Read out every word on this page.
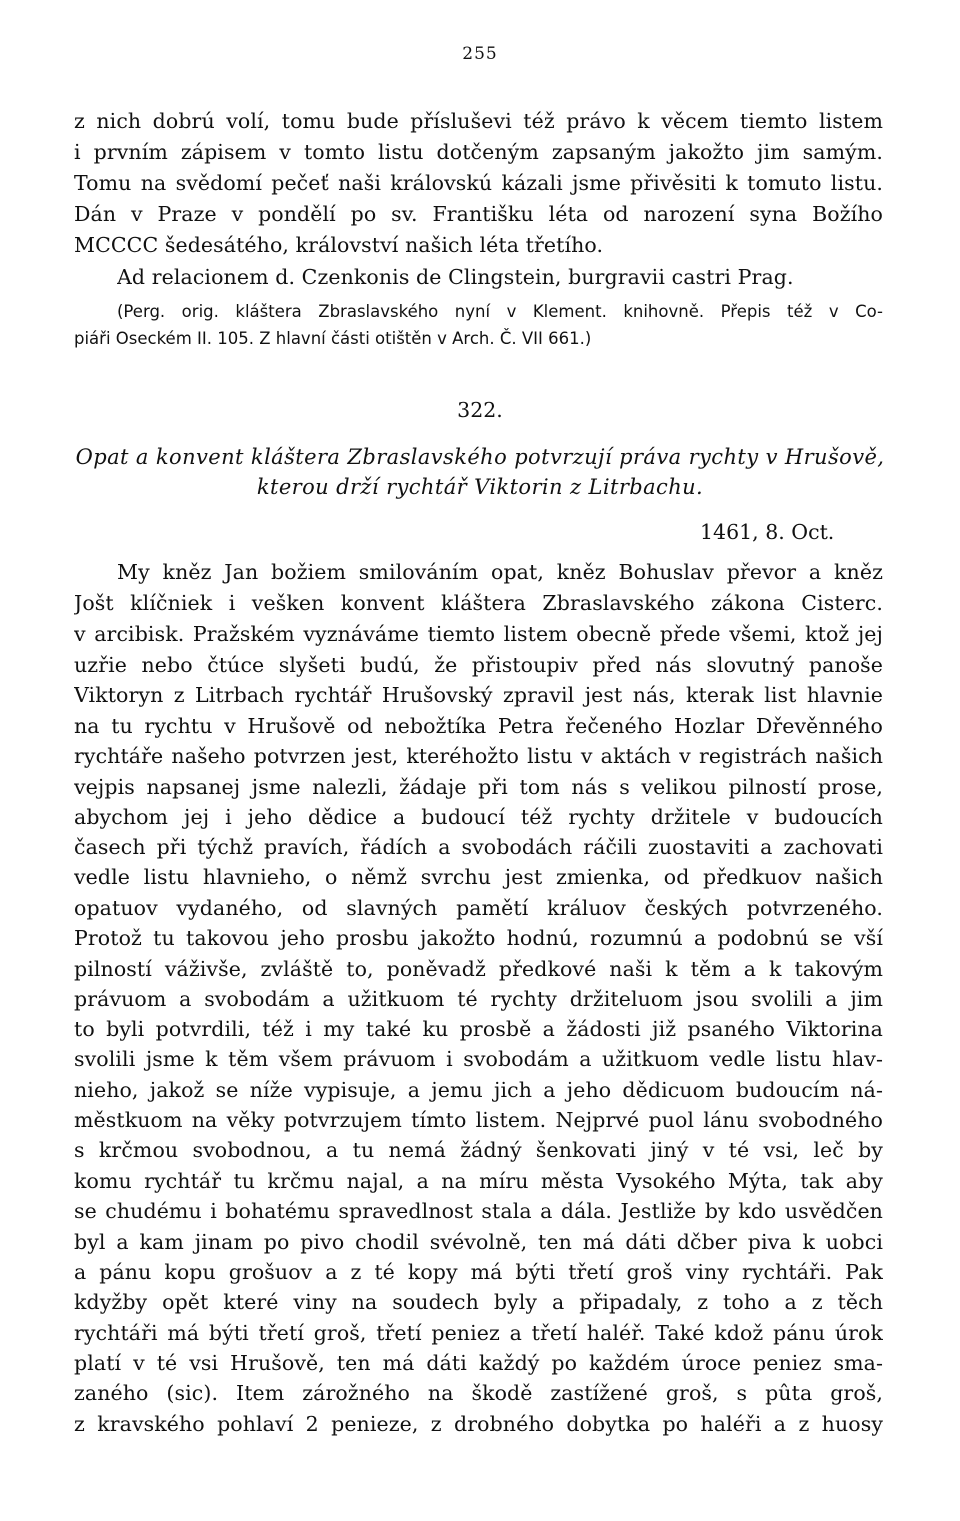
255
z nich dobrú volí, tomu bude přísluševi též právo k věcem tiemto listem
i prvním zápisem v tomto listu dotčeným zapsaným jakožto jim samým.
Tomu na svědomí pečeť naši královskú kázali jsme přivěsiti k tomuto listu.
Dán v Praze v pondělí po sv. Františku léta od narození syna Božího
MCCCC šedesátého, království našich léta třetího.
Ad relacionem d. Czenkonis de Clingstein, burgravii castri Prag.
(Perg. orig. kláštera Zbraslavského nyní v Klement. knihovně. Přepis též v Co-
piáři Oseckém II. 105. Z hlavní části otištěn v Arch. Č. VII 661.)
322.
Opat a konvent kláštera Zbraslavského potvrzují práva rychty v Hrušově,
kterou drží rychtář Viktorin z Litrbachu.
1461, 8. Oct.
My kněz Jan božiem smilováním opat, kněz Bohuslav převor a kněz
Jošt klíčniek i vešken konvent kláštera Zbraslavského zákona Cisterc.
v arcibisk. Pražském vyznáváme tiemto listem obecně přede všemi, ktož jej
uzřie nebo čtúce slyšeti budú, že přistoupiv před nás slovutný panoše
Viktoryn z Litrbach rychtář Hrušovský zpravil jest nás, kterak list hlavnie
na tu rychtu v Hrušově od nebožtíka Petra řečeného Hozlar Dřevěnného
rychtáře našeho potvrzen jest, kteréhožto listu v aktách v registrách našich
vejpis napsanej jsme nalezli, žádaje při tom nás s velikou pilností prose,
abychom jej i jeho dědice a budoucí též rychty držitele v budoucích
časech při týchž pravích, řádích a svobodách ráčili zuostaviti a zachovati
vedle listu hlavnieho, o němž svrchu jest zmienka, od předkuov našich
opatuov vydaného, od slavných pamětí králuov českých potvrzeného.
Protož tu takovou jeho prosbu jakožto hodnú, rozumnú a podobnú se vší
pilností váživše, zvláště to, poněvadž předkové naši k těm a k takovým
právuom a svobodám a užitkuom té rychty držiteluom jsou svolili a jim
to byli potvrdili, též i my také ku prosbě a žádosti již psaného Viktorina
svolili jsme k těm všem právuom i svobodám a užitkuom vedle listu hlav-
nieho, jakož se níže vypisuje, a jemu jich a jeho dědicuom budoucím ná-
městkuom na věky potvrzujem tímto listem. Nejprvé puol lánu svobodného
s krčmou svobodnou, a tu nemá žádný šenkovati jiný v té vsi, leč by
komu rychtář tu krčmu najal, a na míru města Vysokého Mýta, tak aby
se chudému i bohatému spravedlnost stala a dála. Jestliže by kdo usvědčen
byl a kam jinam po pivo chodil svévolně, ten má dáti dčber piva k uobci
a pánu kopu grošuov a z té kopy má býti třetí groš viny rychtáři. Pak
kdyžby opět které viny na soudech byly a připadaly, z toho a z těch
rychtáři má býti třetí groš, třetí peniez a třetí haléř. Také kdož pánu úrok
platí v té vsi Hrušově, ten má dáti každý po každém úroce peniez sma-
zaného (sic). Item zárožného na škodě zastížené groš, s pûta groš,
z kravského pohlaví 2 penieze, z drobného dobytka po haléři a z huosy
